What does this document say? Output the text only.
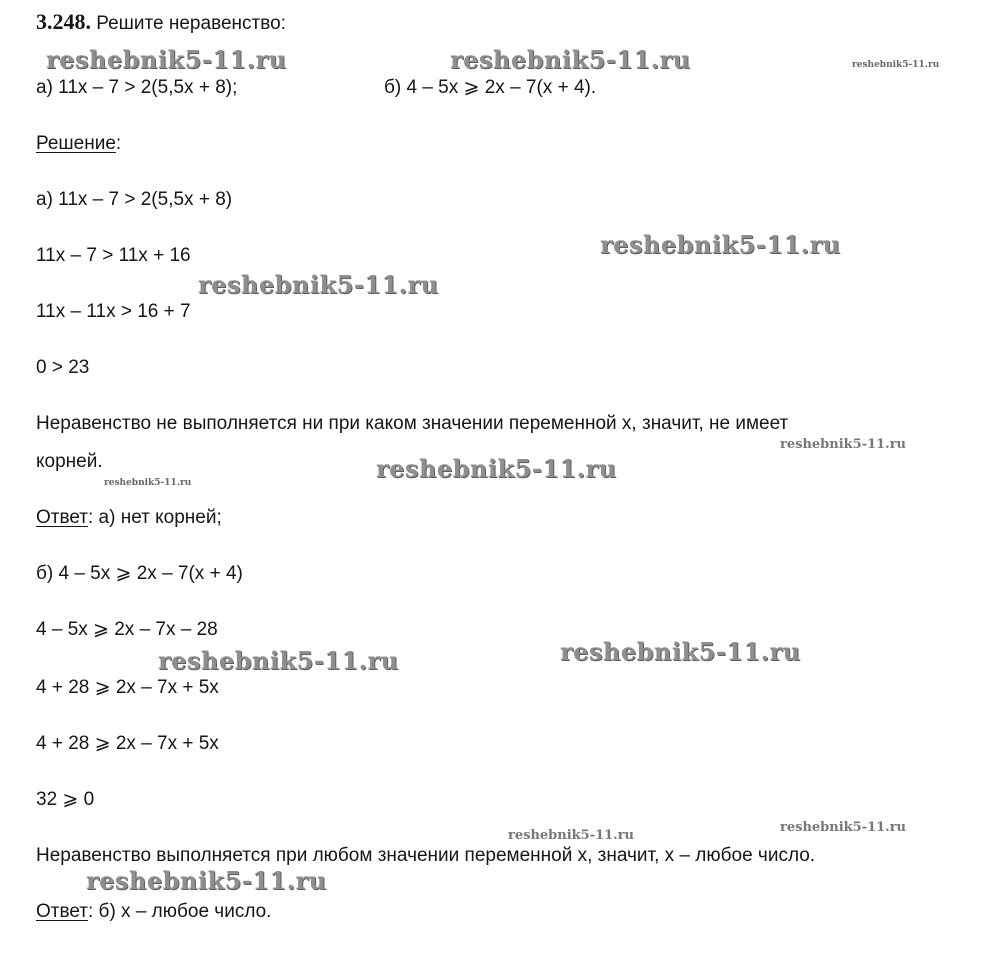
3.248. Решите неравенство:
а) 11x – 7 > 2(5,5x + 8);	б) 4 – 5x ⩾ 2x – 7(x + 4).
Решение:
а) 11x – 7 > 2(5,5x + 8)
11x – 7 > 11x + 16
11x – 11x > 16 + 7
0 > 23
Неравенство не выполняется ни при каком значении переменной x, значит, не имеет
корней.
Ответ: а) нет корней;
б) 4 – 5x ⩾ 2x – 7(x + 4)
4 – 5x ⩾ 2x – 7x – 28
4 + 28 ⩾ 2x – 7x + 5x
4 + 28 ⩾ 2x – 7x + 5x
32 ⩾ 0
Неравенство выполняется при любом значении переменной x, значит, x – любое число.
Ответ: б) x – любое число.
reshebnik5-11.ru	reshebnik5-11.ru	reshebnik5-11.ru
reshebnik5-11.ru
reshebnik5-11.ru
reshebnik5-11.ru
reshebnik5-11.ru
reshebnik5-11.ru
reshebnik5-11.ru
reshebnik5-11.ru
reshebnik5-11.ru
reshebnik5-11.ru
reshebnik5-11.ru
